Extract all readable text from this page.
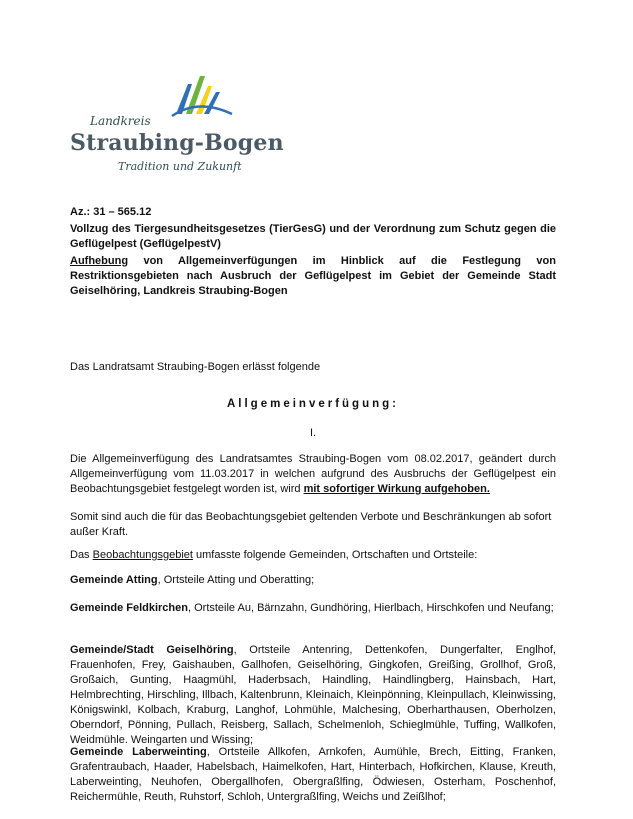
Landkreis
Straubing-Bogen
Tradition und Zukunft
Az.: 31 – 565.12
Vollzug des Tiergesundheitsgesetzes (TierGesG) und der Verordnung zum Schutz gegen die Geflügelpest (GeflügelpestV)
Aufhebung von Allgemeinverfügungen im Hinblick auf die Festlegung von Restriktionsgebieten nach Ausbruch der Geflügelpest im Gebiet der Gemeinde Stadt Geiselhöring, Landkreis Straubing-Bogen
Das Landratsamt Straubing-Bogen erlässt folgende
Allgemeinverfügung:
I.
Die Allgemeinverfügung des Landratsamtes Straubing-Bogen vom 08.02.2017, geändert durch Allgemeinverfügung vom 11.03.2017 in welchen aufgrund des Ausbruchs der Geflügelpest ein Beobachtungsgebiet festgelegt worden ist, wird mit sofortiger Wirkung aufgehoben.
Somit sind auch die für das Beobachtungsgebiet geltenden Verbote und Beschränkungen ab sofort außer Kraft.
Das Beobachtungsgebiet umfasste folgende Gemeinden, Ortschaften und Ortsteile:
Gemeinde Atting, Ortsteile Atting und Oberatting;
Gemeinde Feldkirchen, Ortsteile Au, Bärnzahn, Gundhöring, Hierlbach, Hirschkofen und Neufang;
Gemeinde/Stadt Geiselhöring, Ortsteile Antenring, Dettenkofen, Dungerfalter, Englhof, Frauenhofen, Frey, Gaishauben, Gallhofen, Geiselhöring, Gingkofen, Greißing, Grollhof, Groß, Großaich, Gunting, Haagmühl, Haderbsach, Haindling, Haindlingberg, Hainsbach, Hart, Helmbrechting, Hirschling, Illbach, Kaltenbrunn, Kleinaich, Kleinpönning, Kleinpullach, Kleinwissing, Königswinkl, Kolbach, Kraburg, Langhof, Lohmühle, Malchesing, Oberharthausen, Oberholzen, Oberndorf, Pönning, Pullach, Reisberg, Sallach, Schelmenloh, Schieglmühle, Tuffing, Wallkofen, Weidmühle. Weingarten und Wissing;
Gemeinde Laberweinting, Ortsteile Allkofen, Arnkofen, Aumühle, Brech, Eitting, Franken, Grafentraubach, Haader, Habelsbach, Haimelkofen, Hart, Hinterbach, Hofkirchen, Klause, Kreuth, Laberweinting, Neuhofen, Obergallhofen, Obergraßlfing, Ödwiesen, Osterham, Poschenhof, Reichermühle, Reuth, Ruhstorf, Schloh, Untergraßlfing, Weichs und Zeißlhof;
